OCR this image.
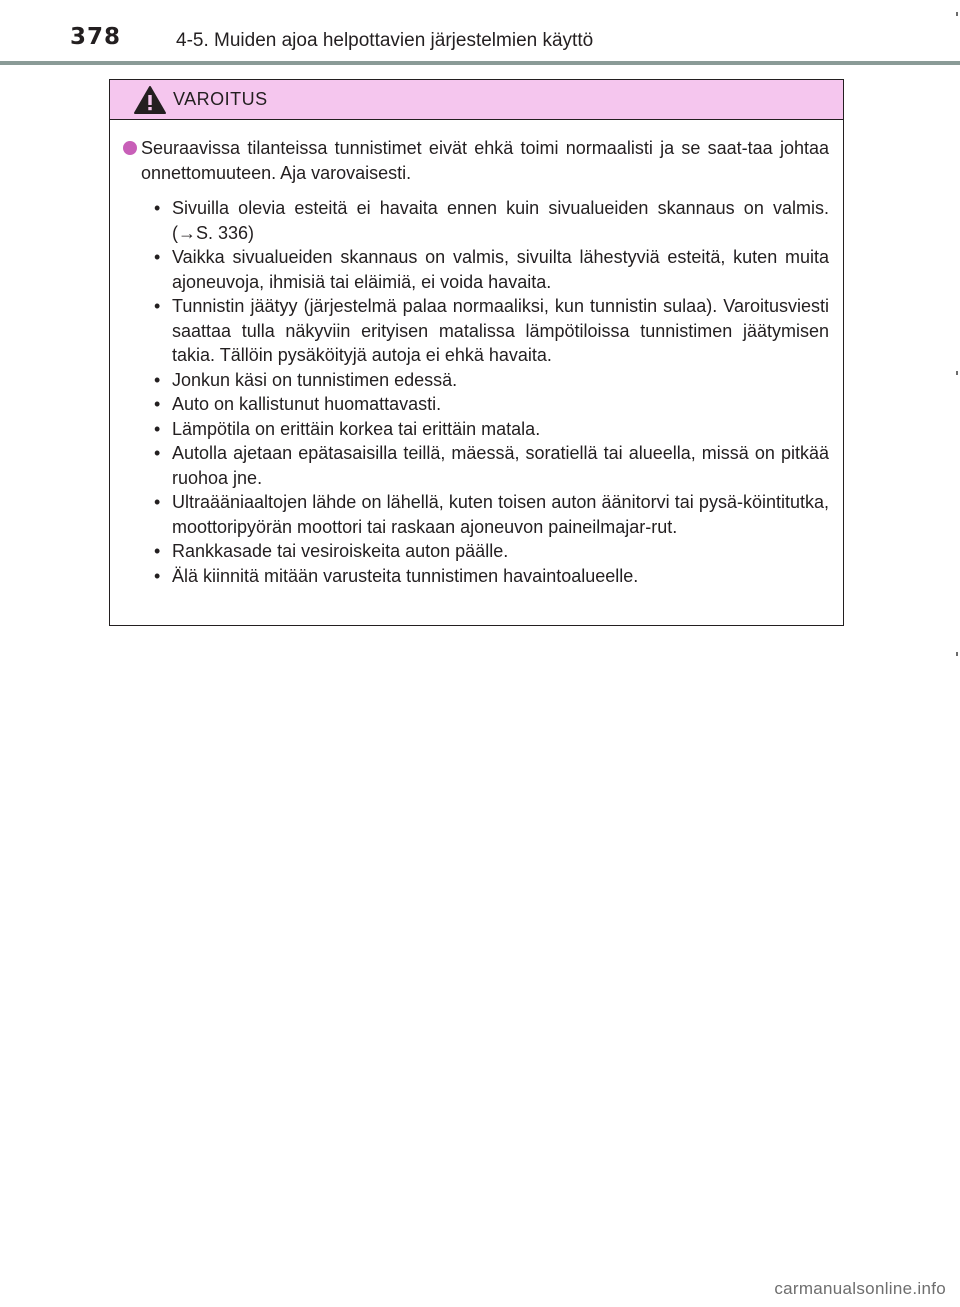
378	4-5. Muiden ajoa helpottavien järjestelmien käyttö
VAROITUS
Seuraavissa tilanteissa tunnistimet eivät ehkä toimi normaalisti ja se saat-taa johtaa onnettomuuteen. Aja varovaisesti.
• Sivuilla olevia esteitä ei havaita ennen kuin sivualueiden skannaus on valmis. (→S. 336)
• Vaikka sivualueiden skannaus on valmis, sivuilta lähestyviä esteitä, kuten muita ajoneuvoja, ihmisiä tai eläimiä, ei voida havaita.
• Tunnistin jäätyy (järjestelmä palaa normaaliksi, kun tunnistin sulaa). Varoitusviesti saattaa tulla näkyviin erityisen matalissa lämpötiloissa tunnistimen jäätymisen takia. Tällöin pysäköityjä autoja ei ehkä havaita.
• Jonkun käsi on tunnistimen edessä.
• Auto on kallistunut huomattavasti.
• Lämpötila on erittäin korkea tai erittäin matala.
• Autolla ajetaan epätasaisilla teillä, mäessä, soratiellä tai alueella, missä on pitkää ruohoa jne.
• Ultraääniaaltojen lähde on lähellä, kuten toisen auton äänitorvi tai pysä-köintitutka, moottoripyörän moottori tai raskaan ajoneuvon paineilmajar-rut.
• Rankkasade tai vesiroiskeita auton päälle.
• Älä kiinnitä mitään varusteita tunnistimen havaintoalueelle.
carmanualsonline.info
